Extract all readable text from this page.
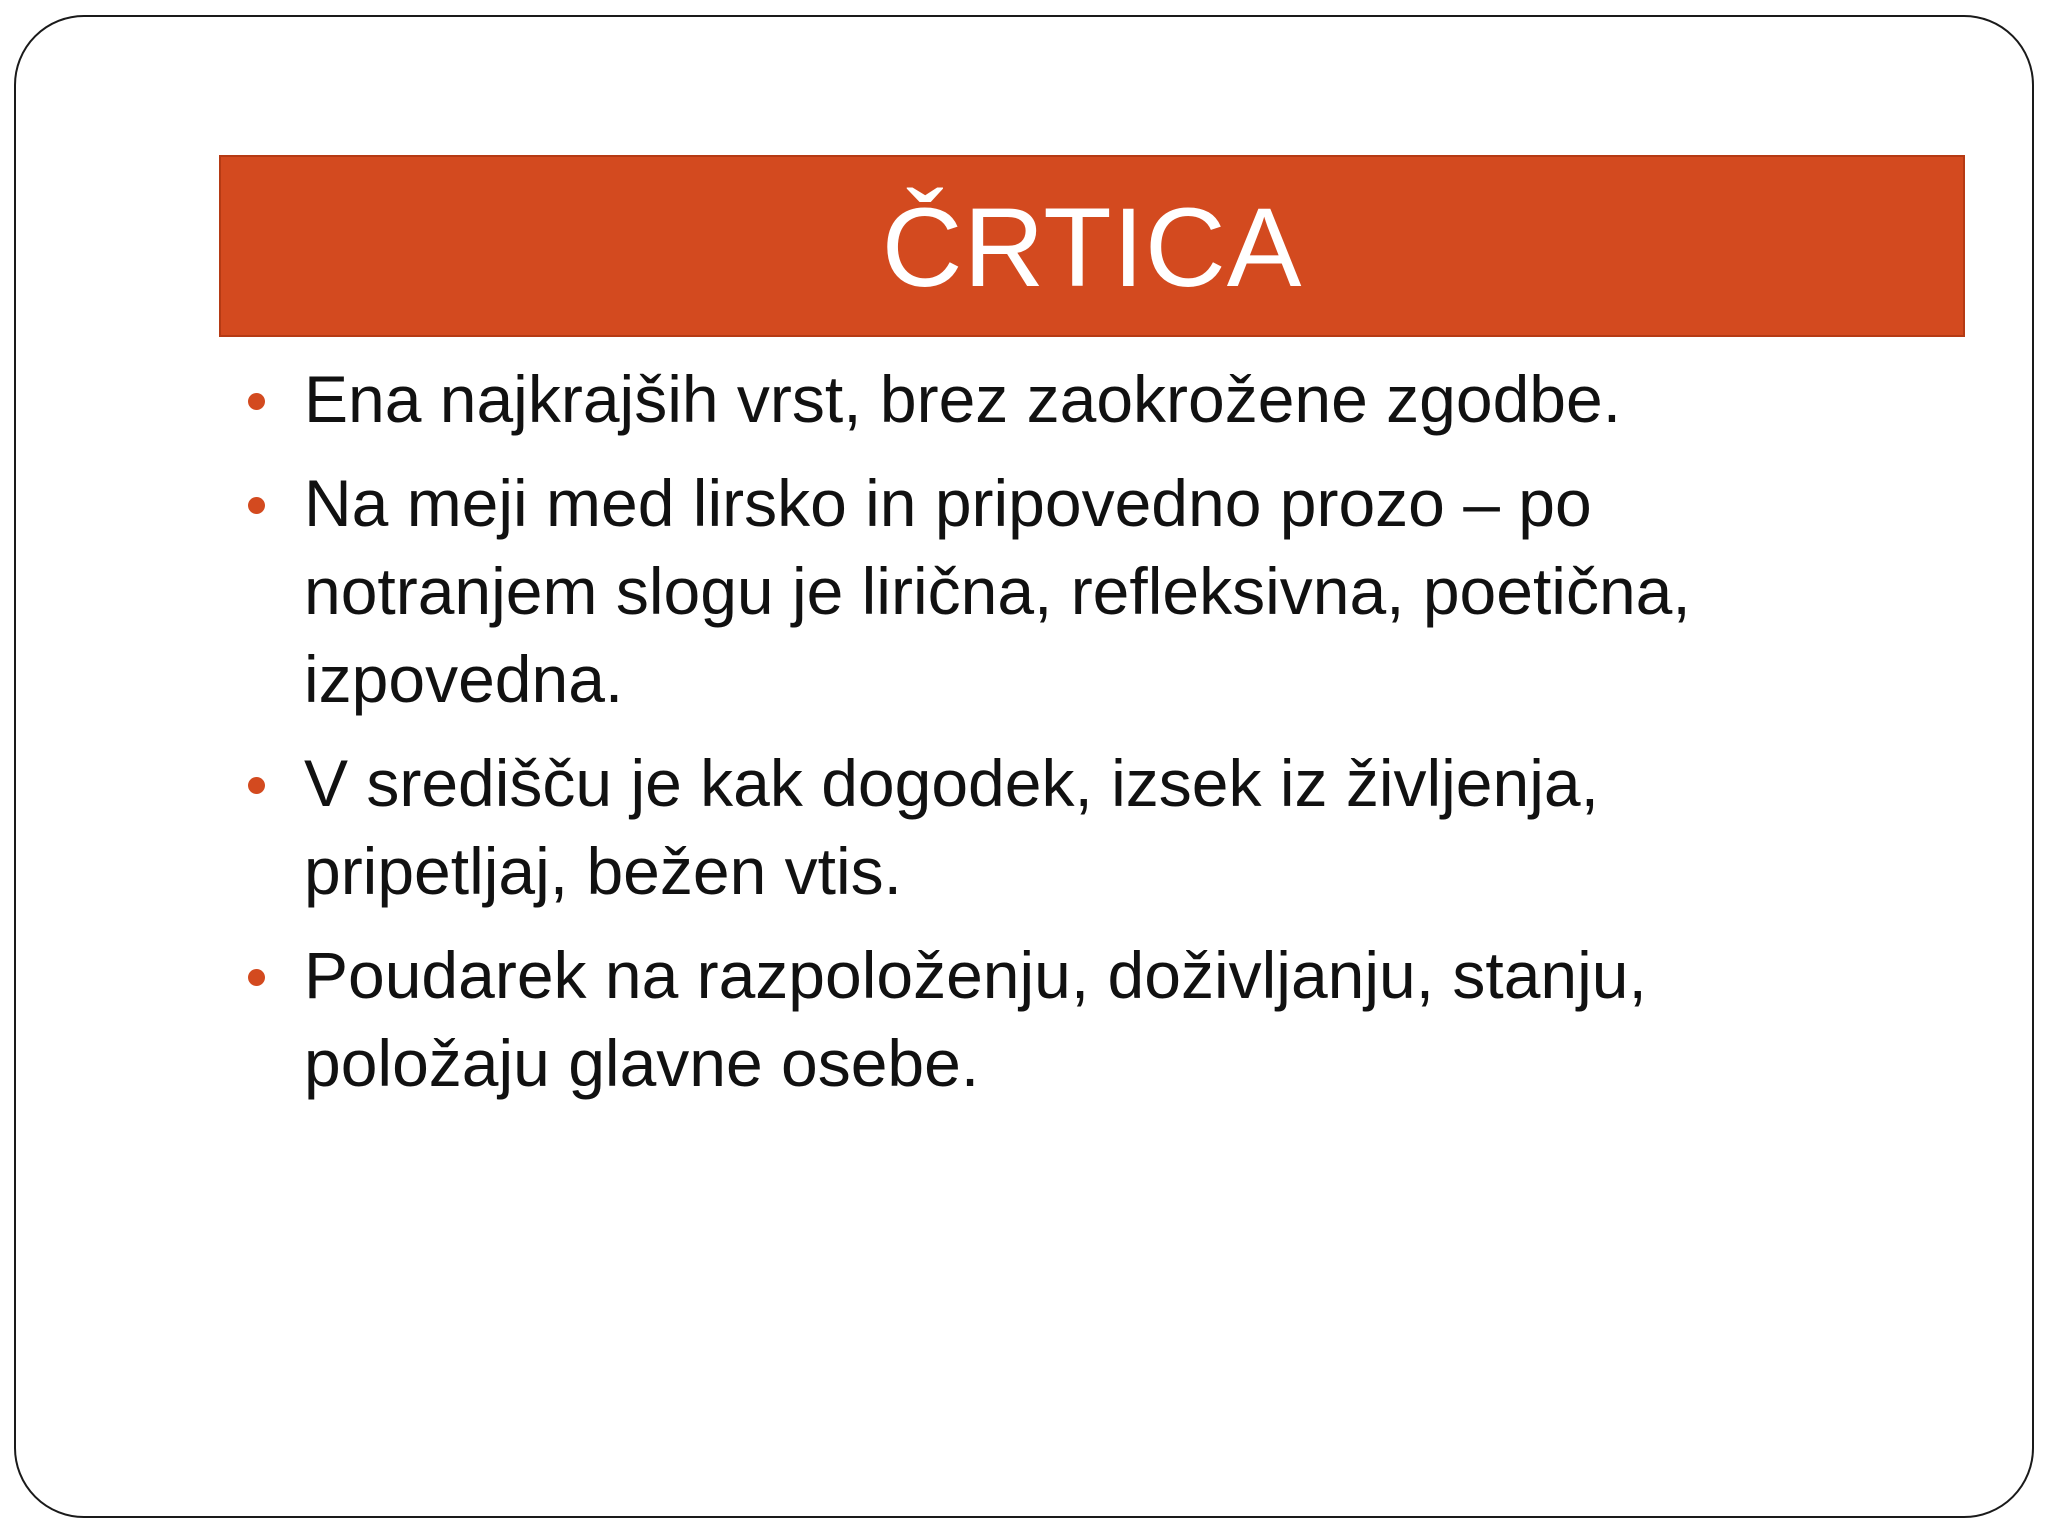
ČRTICA
Ena najkrajših vrst, brez zaokrožene zgodbe.
Na meji med lirsko in pripovedno prozo – po notranjem slogu je lirična, refleksivna, poetična, izpovedna.
V središču je kak dogodek, izsek iz življenja, pripetljaj, bežen vtis.
Poudarek na razpoloženju, doživljanju, stanju, položaju glavne osebe.
